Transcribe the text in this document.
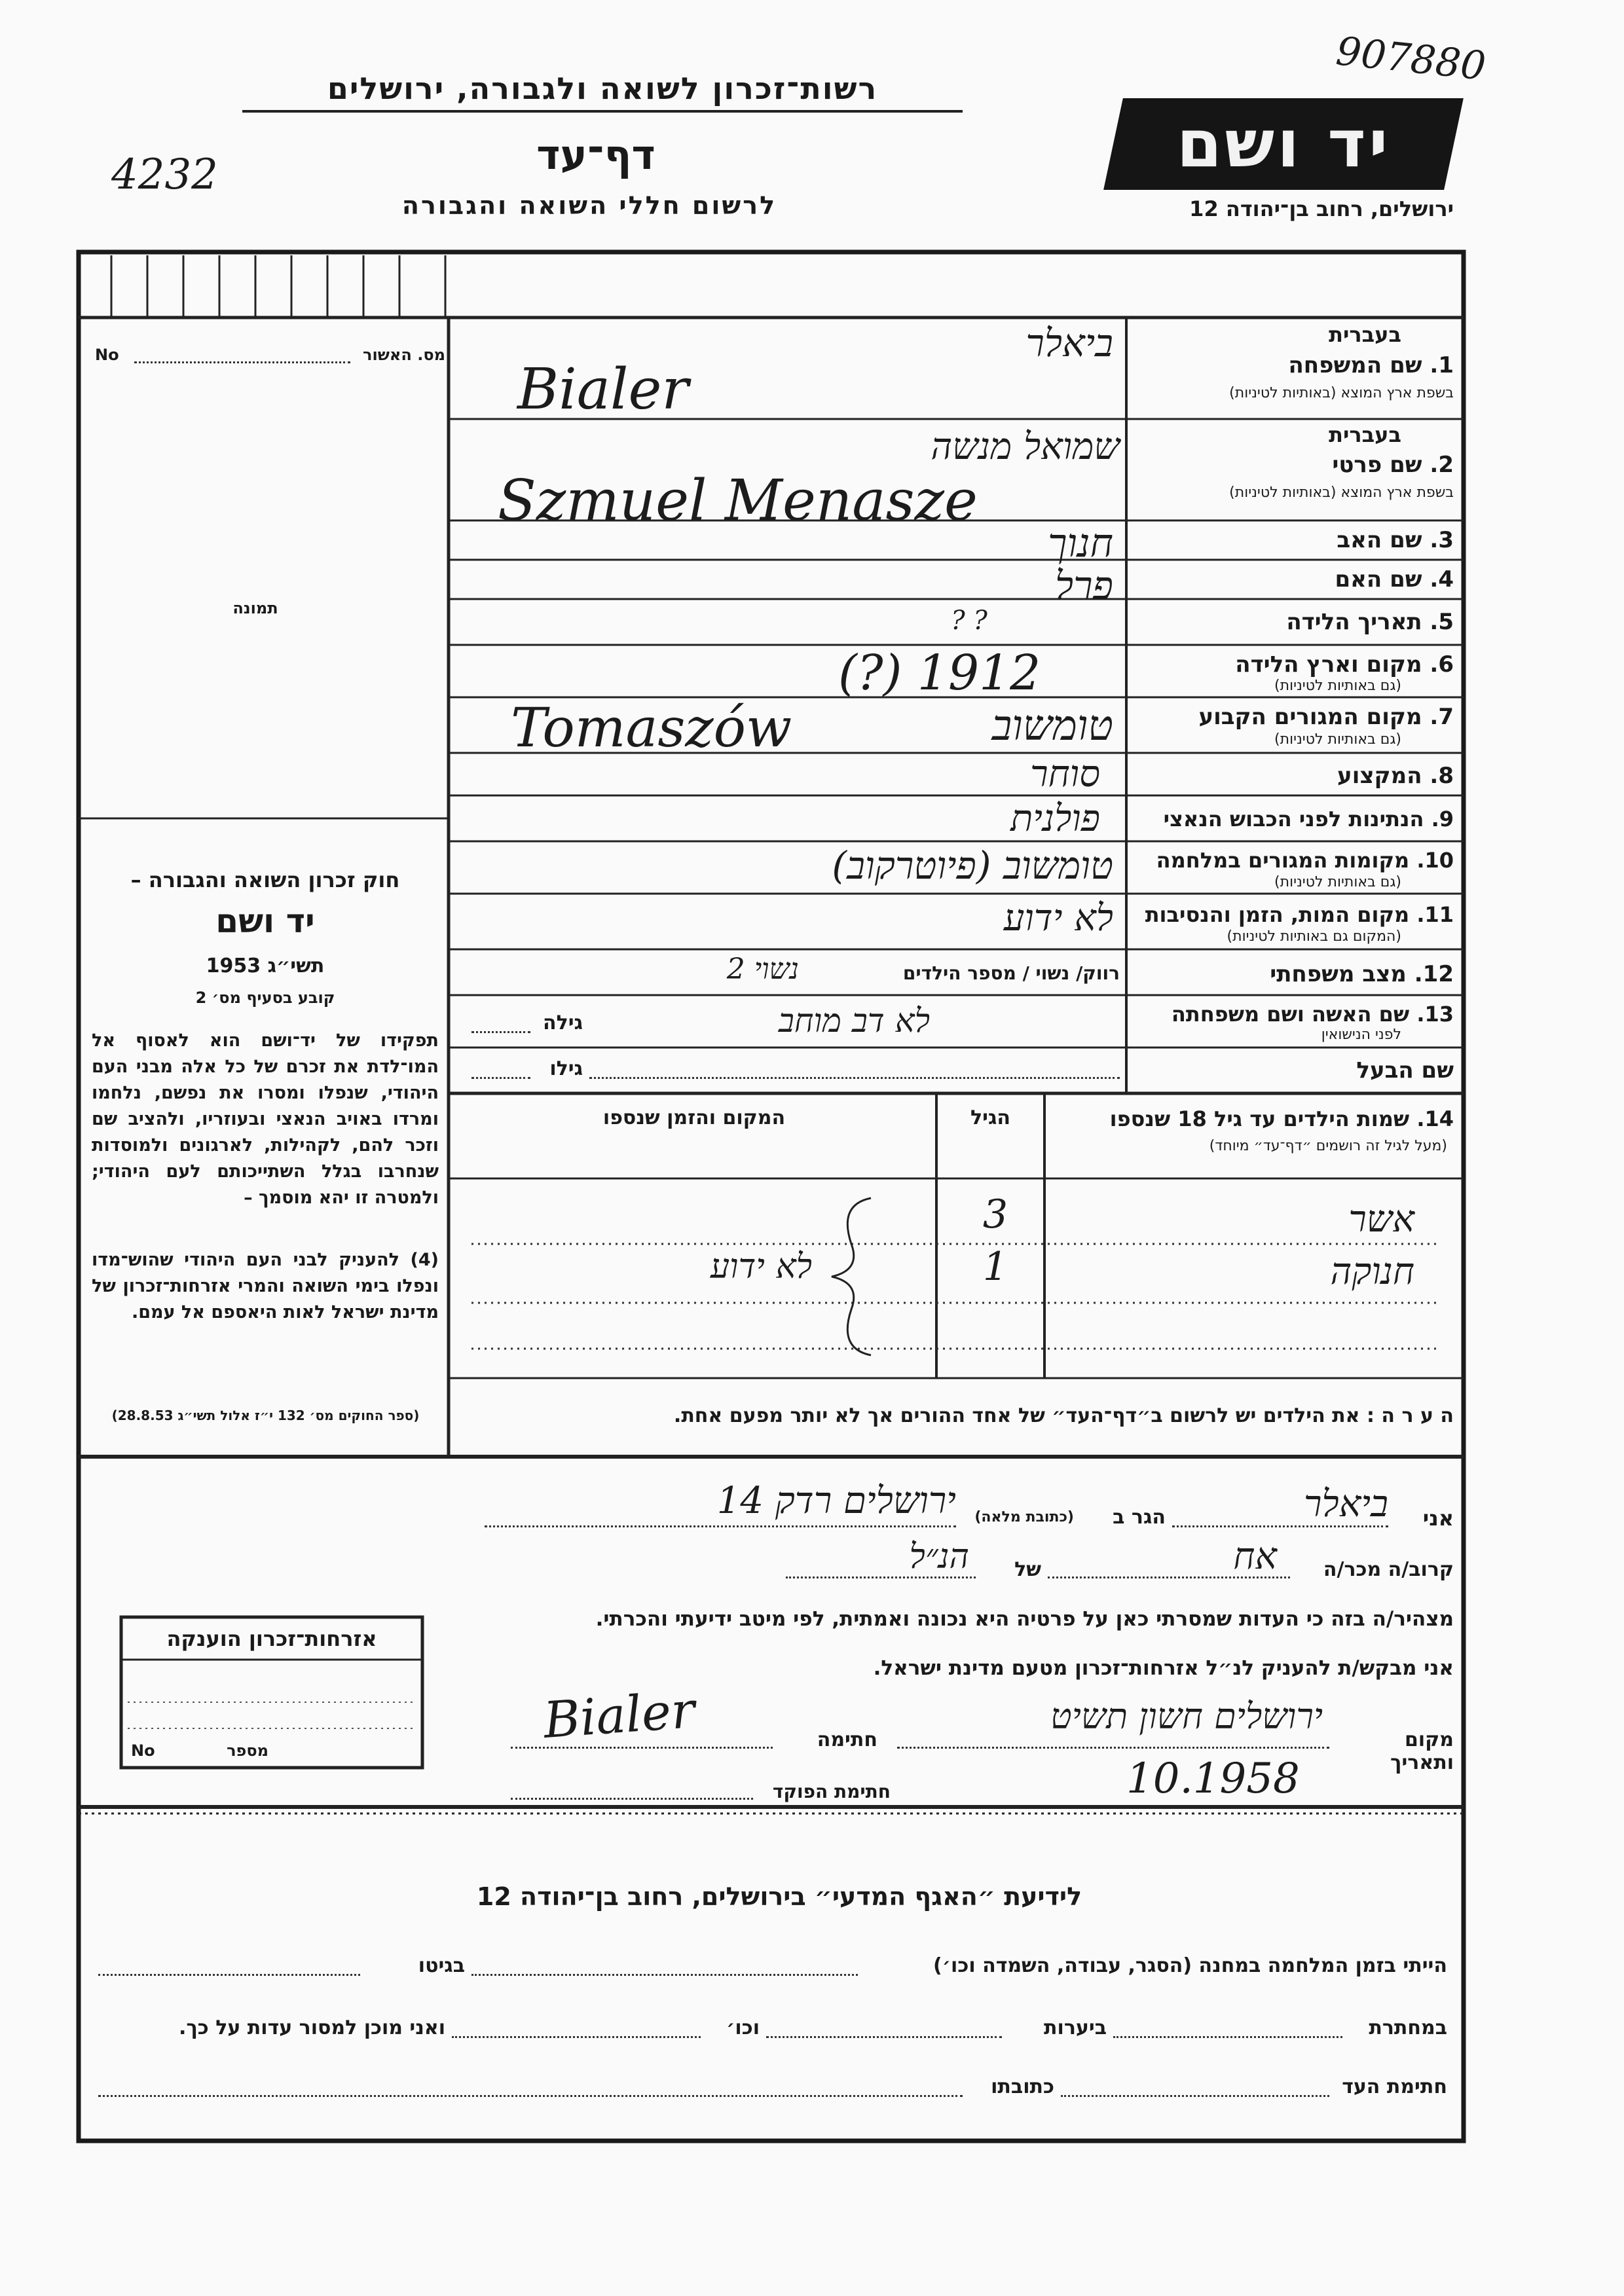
907880
4232
רשות־זכרון לשואה ולגבורה, ירושלים
דף־עד
לרשום חללי השואה והגבורה
יד ושם
ירושלים, רחוב בן־יהודה 12
מס. האשור
No
תמונה
חוק זכרון השואה והגבורה –
יד ושם
תשי״ג 1953
קובע בסעיף מס׳ 2
תפקידו של יד־ושם הוא לאסוף אל המו־לדת את זכרם של כל אלה מבני העם היהודי, שנפלו ומסרו את נפשם, נלחמו ומרדו באויב הנאצי ובעוזריו, ולהציב שם וזכר להם, לקהילות, לארגונים ולמוסדות שנחרבו בגלל השתייכותם לעם היהודי; ולמטרה זו יהא מוסמך –
(4) להעניק לבני העם היהודי שהוש־מדו ונפלו בימי השואה והמרי אזרחות־זכרון של מדינת ישראל לאות היאספם אל עמם.
(ספר החוקים מס׳ 132 י״ז אלול תשי״ג 28.8.53)
בעברית
1. שם המשפחה
בשפת ארץ המוצא (באותיות לטיניות)
בעברית
2. שם פרטי
בשפת ארץ המוצא (באותיות לטיניות)
3. שם האב
4. שם האם
5. תאריך הלידה
6. מקום וארץ הלידה
(גם באותיות לטיניות)
7. מקום המגורים הקבוע
(גם באותיות לטיניות)
8. המקצוע
9. הנתינות לפני הכבוש הנאצי
10. מקומות המגורים במלחמה
(גם באותיות לטיניות)
11. מקום המות, הזמן והנסיבות
(המקום גם באותיות לטיניות)
12. מצב משפחתי
רווק/ נשוי / מספר הילדים
13. שם האשה ושם משפחתה
לפני הנישואין
גילה
שם הבעל
גילו
ביאלר
Bialer
שמואל מנשה
Szmuel Menasze
חנוך
פרל
? ?
(?) 1912
Tomaszów	טומשוב
סוחר
פולנית
טומשוב (פיוטרקוב)
לא ידוע
נשוי 2
לא דב מוחב
14. שמות הילדים עד גיל 18 שנספו
(מעל לגיל זה רושמים ״דף־עד״ מיוחד)
הגיל
המקום והזמן שנספו
אשר
3
חנוקה
1
לא ידוע
ה ע ר ה : את הילדים יש לרשום ב״דף־העד״ של אחד ההורים אך לא יותר מפעם אחת.
אני
ביאלר
הגר ב
(כתובת מלאה)
ירושלים רדק 14
קרוב/ה מכר/ה
אח
של
הנ״ל
מצהיר/ה בזה כי העדות שמסרתי כאן על פרטיה היא נכונה ואמתית, לפי מיטב ידיעתי והכרתי.
אני מבקש/ת להעניק לנ״ל אזרחות־זכרון מטעם מדינת ישראל.
מקום ותאריך
ירושלים חשון תשיט
10.1958
חתימה
Bialer
חתימת הפוקד
אזרחות־זכרון הוענקה
מספר
No
לידיעת ״האגף המדעי״ בירושלים, רחוב בן־יהודה 12
הייתי בזמן המלחמה במחנה (הסגר, עבודה, השמדה וכו׳)
בגיטו
במחתרת
ביערות
וכו׳
ואני מוכן למסור עדות על כך.
חתימת העד
כתובתו
